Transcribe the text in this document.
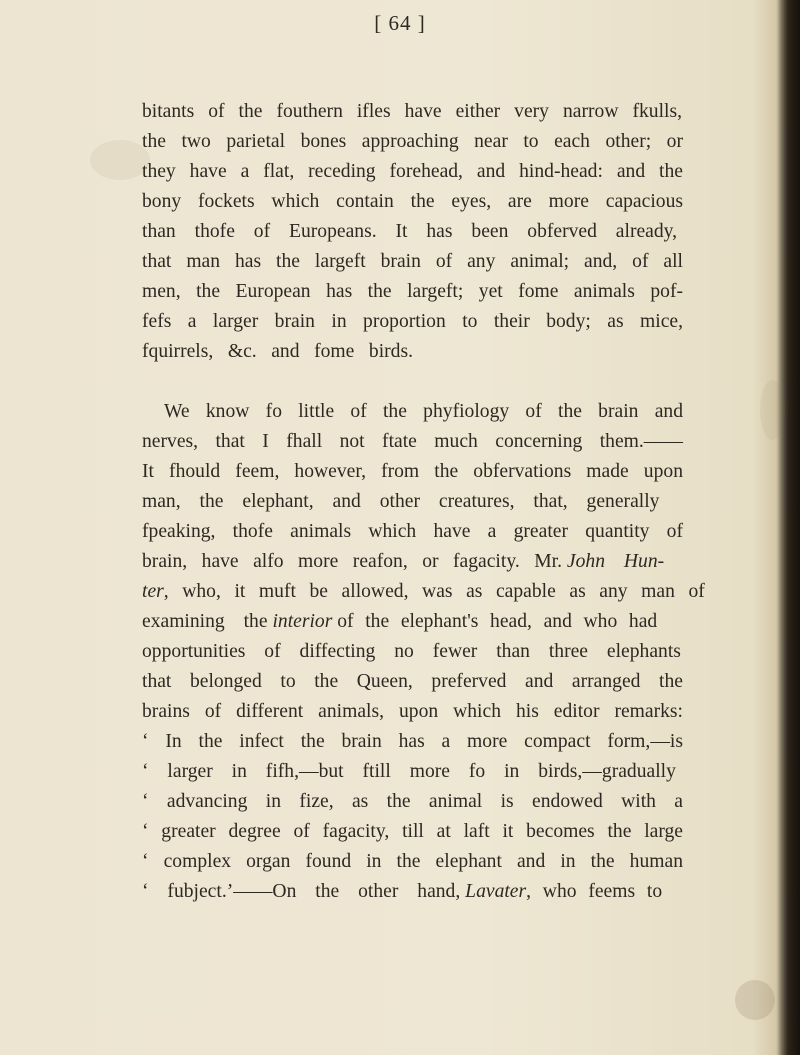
[ 64 ]
bitants of the fouthern ifles have either very narrow fkulls,
the two parietal bones approaching near to each other; or
they have a flat, receding forehead, and hind-head: and the
bony fockets which contain the eyes, are more capacious
than thofe of Europeans. It has been obferved already,
that man has the largeft brain of any animal; and, of all
men, the European has the largeft; yet fome animals pof-
fefs a larger brain in proportion to their body; as mice,
fquirrels, &c. and fome birds.
We know fo little of the phyfiology of the brain and
nerves, that I fhall not ftate much concerning them.——
It fhould feem, however, from the obfervations made upon
man, the elephant, and other creatures, that, generally
fpeaking, thofe animals which have a greater quantity of
brain, have alfo more reafon, or fagacity. Mr. John Hun-
ter, who, it muft be allowed, was as capable as any man of
examining the interior of the elephant's head, and who had
opportunities of diffecting no fewer than three elephants
that belonged to the Queen, preferved and arranged the
brains of different animals, upon which his editor remarks:
‘ In the infect the brain has a more compact form,—is
‘ larger in fifh,—but ftill more fo in birds,—gradually
‘ advancing in fize, as the animal is endowed with a
‘ greater degree of fagacity, till at laft it becomes the large
‘ complex organ found in the elephant and in the human
‘ fubject.’——On the other hand, Lavater, who feems to
